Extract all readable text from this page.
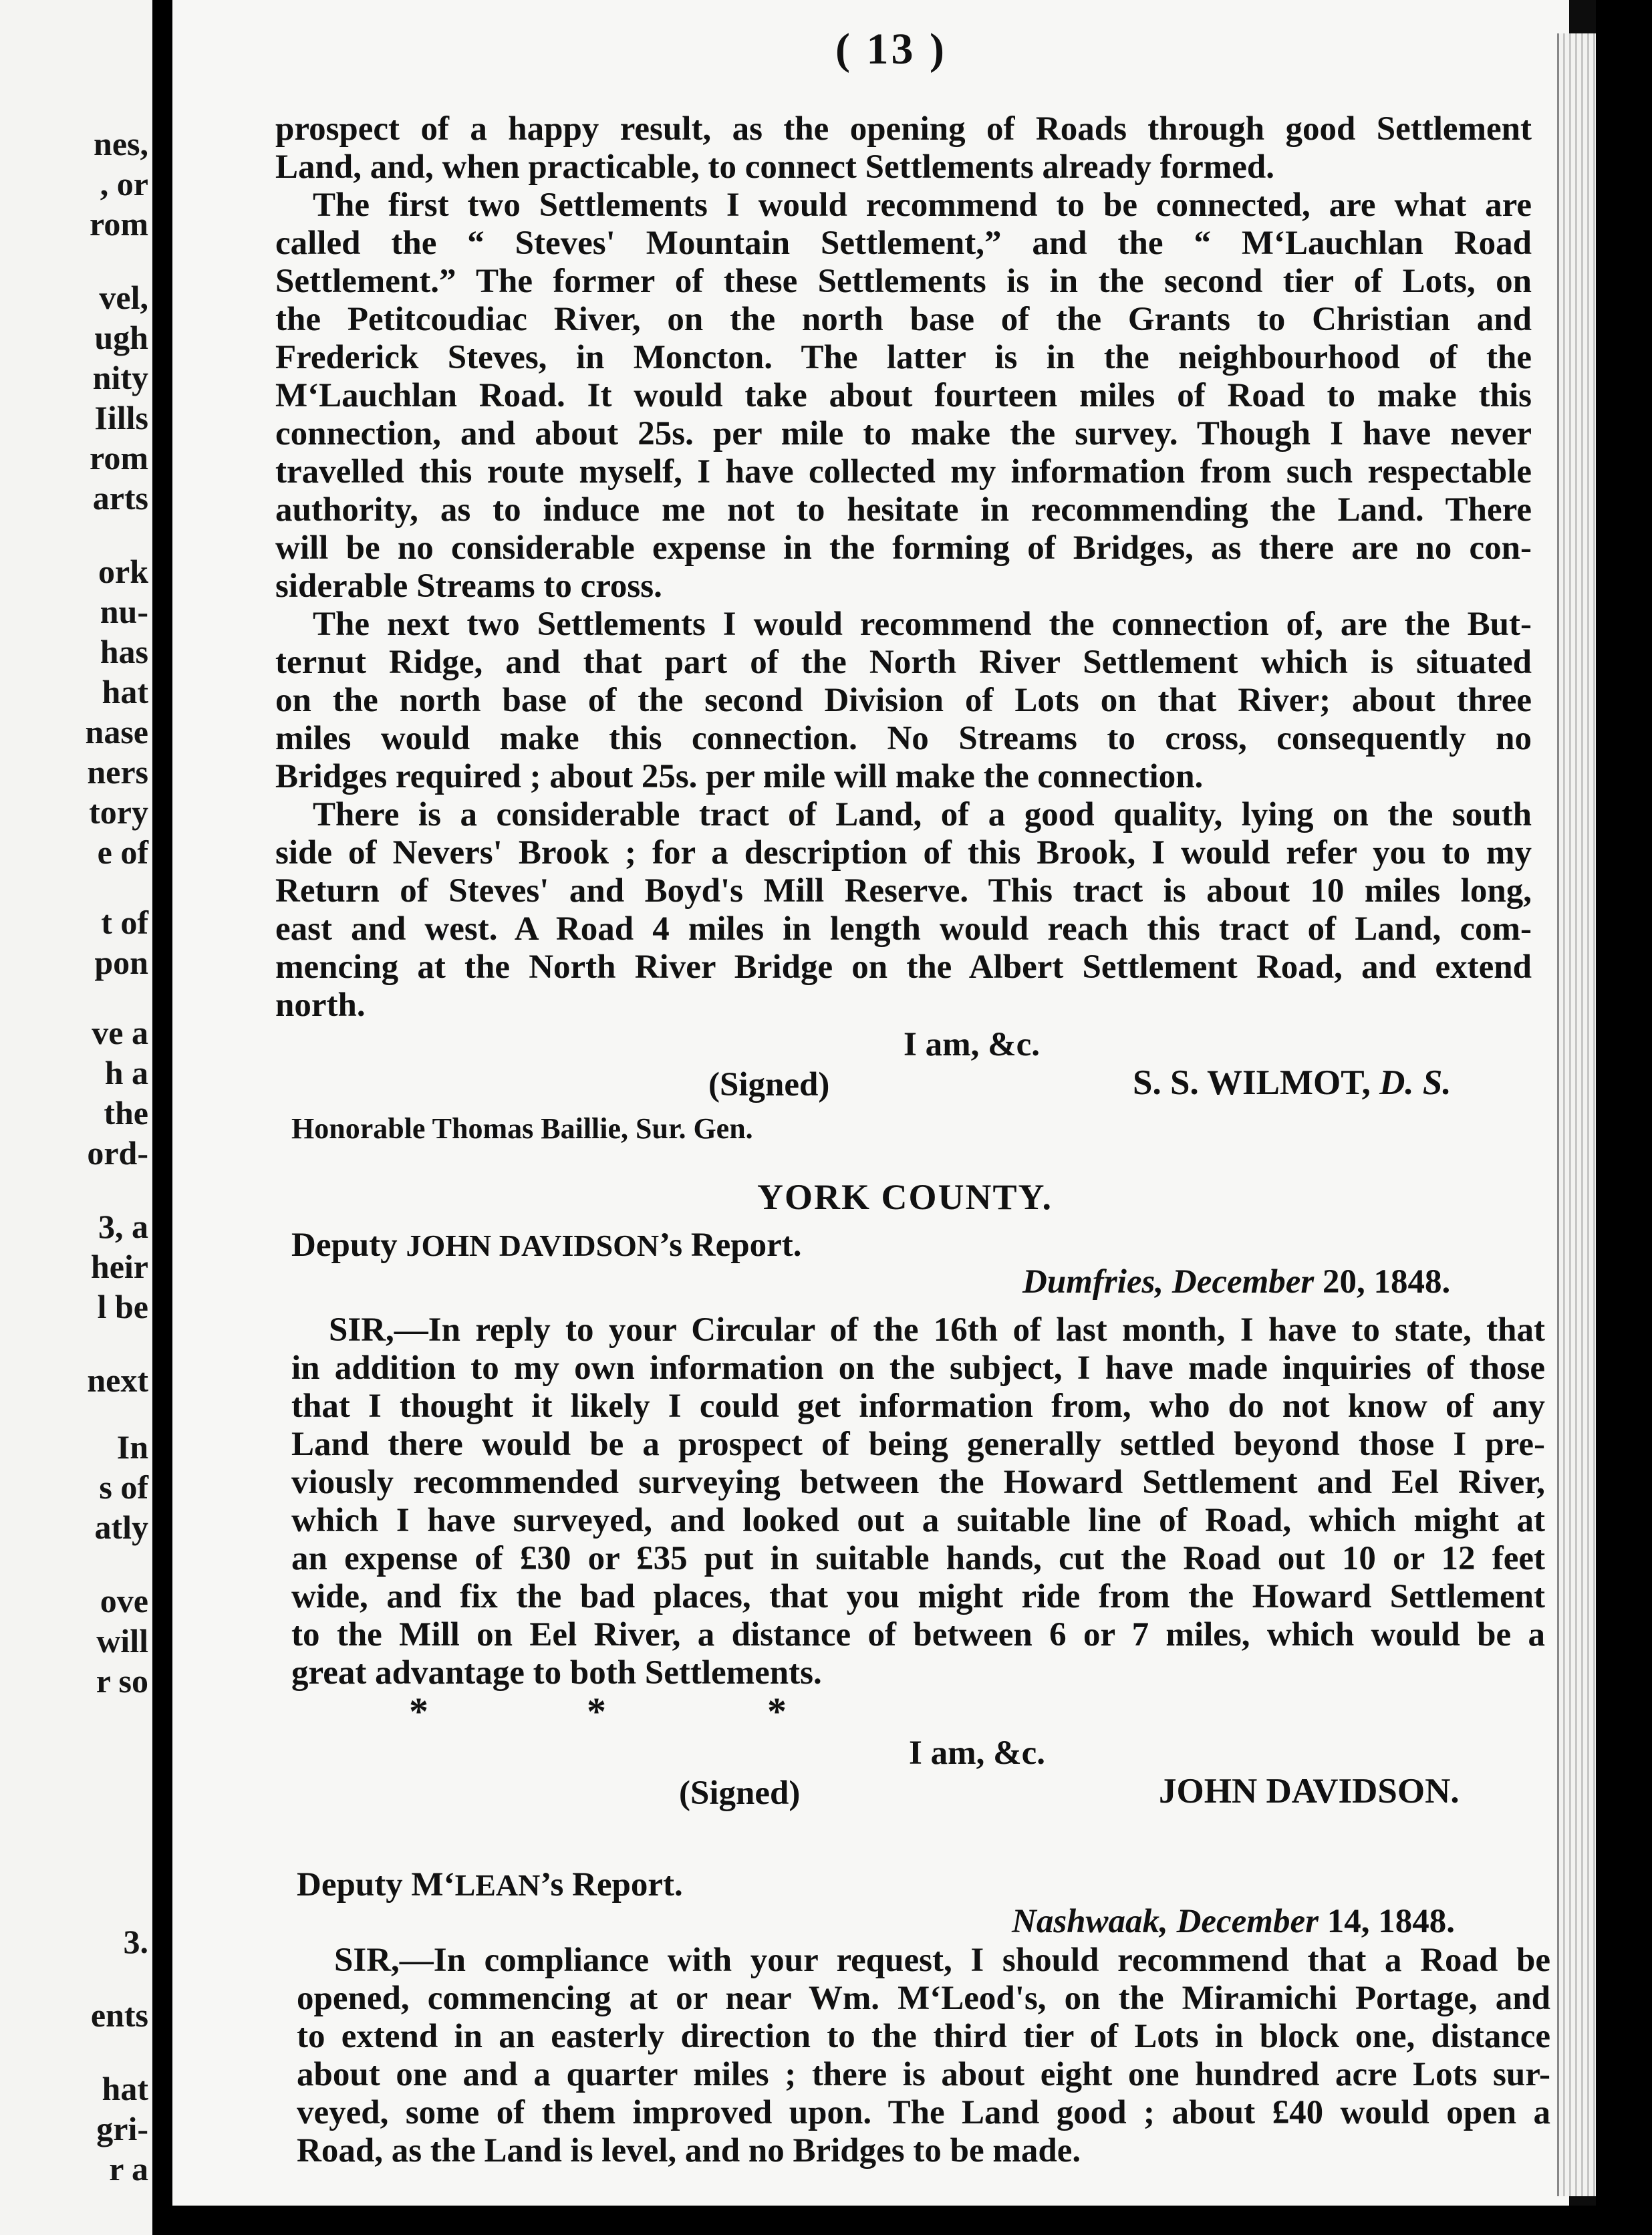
nes,
, or
rom
vel,
ugh
nity
Iills
rom
arts
ork
nu-
has
hat
nase
ners
tory
e of
t of
pon
ve a
h a
the
ord-
3, a
heir
l be
next
In
s of
atly
ove
will
r so
3.
ents
hat
gri-
r a
( 13 )
prospect of a happy result, as the opening of Roads through good Settlement
Land, and, when practicable, to connect Settlements already formed.
The first two Settlements I would recommend to be connected, are what are
called the “ Steves' Mountain Settlement,” and the “ M‘Lauchlan Road
Settlement.” The former of these Settlements is in the second tier of Lots, on
the Petitcoudiac River, on the north base of the Grants to Christian and
Frederick Steves, in Moncton. The latter is in the neighbourhood of the
M‘Lauchlan Road. It would take about fourteen miles of Road to make this
connection, and about 25s. per mile to make the survey. Though I have never
travelled this route myself, I have collected my information from such respectable
authority, as to induce me not to hesitate in recommending the Land. There
will be no considerable expense in the forming of Bridges, as there are no con-
siderable Streams to cross.
The next two Settlements I would recommend the connection of, are the But-
ternut Ridge, and that part of the North River Settlement which is situated
on the north base of the second Division of Lots on that River; about three
miles would make this connection. No Streams to cross, consequently no
Bridges required ; about 25s. per mile will make the connection.
There is a considerable tract of Land, of a good quality, lying on the south
side of Nevers' Brook ; for a description of this Brook, I would refer you to my
Return of Steves' and Boyd's Mill Reserve. This tract is about 10 miles long,
east and west. A Road 4 miles in length would reach this tract of Land, com-
mencing at the North River Bridge on the Albert Settlement Road, and extend
north.
I am, &c.
(Signed)	S. S. WILMOT, D. S.
Honorable Thomas Baillie, Sur. Gen.
YORK COUNTY.
Deputy JOHN DAVIDSON’s Report.
Dumfries, December 20, 1848.
SIR,—In reply to your Circular of the 16th of last month, I have to state, that
in addition to my own information on the subject, I have made inquiries of those
that I thought it likely I could get information from, who do not know of any
Land there would be a prospect of being generally settled beyond those I pre-
viously recommended surveying between the Howard Settlement and Eel River,
which I have surveyed, and looked out a suitable line of Road, which might at
an expense of £30 or £35 put in suitable hands, cut the Road out 10 or 12 feet
wide, and fix the bad places, that you might ride from the Howard Settlement
to the Mill on Eel River, a distance of between 6 or 7 miles, which would be a
great advantage to both Settlements.
*	*	*
I am, &c.
(Signed)	JOHN DAVIDSON.
Deputy M‘LEAN’s Report.
Nashwaak, December 14, 1848.
SIR,—In compliance with your request, I should recommend that a Road be
opened, commencing at or near Wm. M‘Leod's, on the Miramichi Portage, and
to extend in an easterly direction to the third tier of Lots in block one, distance
about one and a quarter miles ; there is about eight one hundred acre Lots sur-
veyed, some of them improved upon. The Land good ; about £40 would open a
Road, as the Land is level, and no Bridges to be made.
